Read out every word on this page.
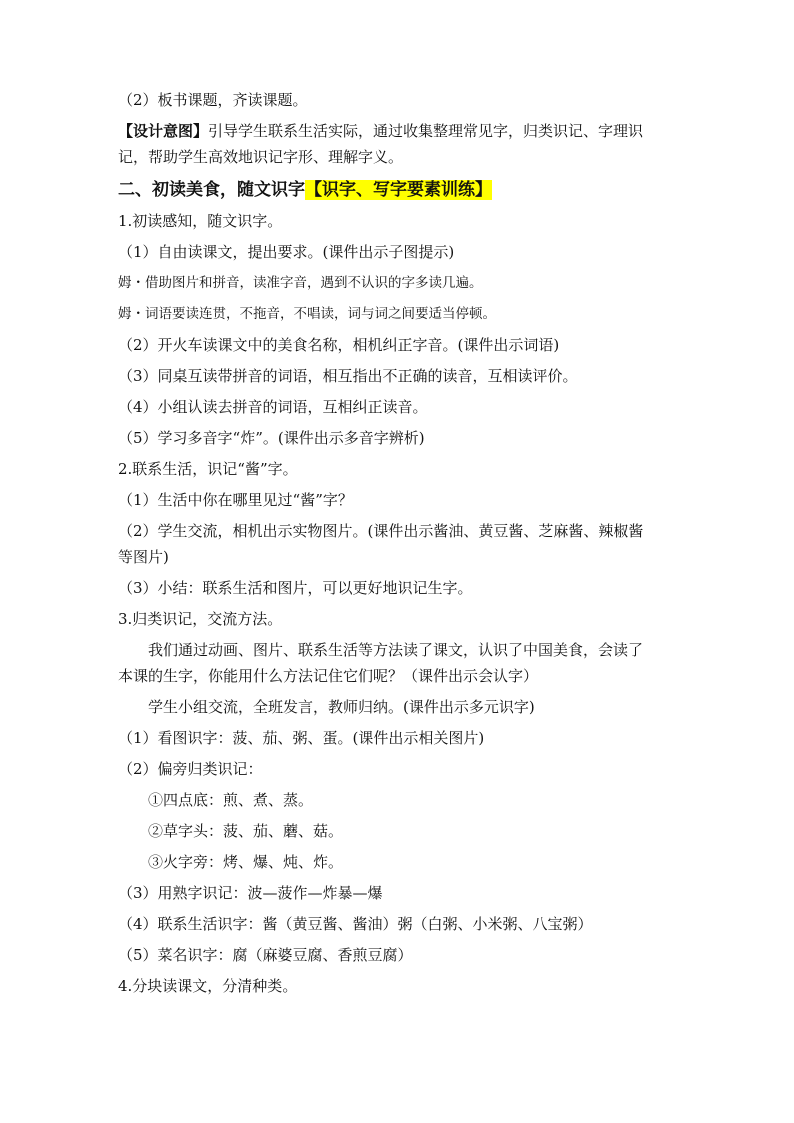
（2）板书课题，齐读课题。
【设计意图】引导学生联系生活实际，通过收集整理常见字，归类识记、字理识
记，帮助学生高效地识记字形、理解字义。
二、初读美食，随文识字【识字、写字要素训练】
1.初读感知，随文识字。
（1）自由读课文，提出要求。(课件出示子图提示)
姆・借助图片和拼音，读准字音，遇到不认识的字多读几遍。
姆・词语要读连贯，不拖音，不唱读，词与词之间要适当停顿。
（2）开火车读课文中的美食名称，相机纠正字音。(课件出示词语)
（3）同桌互读带拼音的词语，相互指出不正确的读音，互相读评价。
（4）小组认读去拼音的词语，互相纠正读音。
（5）学习多音字“炸”。(课件出示多音字辨析)
2.联系生活，识记“酱”字。
（1）生活中你在哪里见过“酱”字？
（2）学生交流，相机出示实物图片。(课件出示酱油、黄豆酱、芝麻酱、辣椒酱
等图片)
（3）小结：联系生活和图片，可以更好地识记生字。
3.归类识记，交流方法。
我们通过动画、图片、联系生活等方法读了课文，认识了中国美食，会读了
本课的生字，你能用什么方法记住它们呢？（课件出示会认字）
学生小组交流，全班发言，教师归纳。(课件出示多元识字)
（1）看图识字：菠、茄、粥、蛋。(课件出示相关图片)
（2）偏旁归类识记：
①四点底：煎、煮、蒸。
②草字头：菠、茄、蘑、菇。
③火字旁：烤、爆、炖、炸。
（3）用熟字识记：波—菠作—炸暴—爆
（4）联系生活识字：酱（黄豆酱、酱油）粥（白粥、小米粥、八宝粥）
（5）菜名识字：腐（麻婆豆腐、香煎豆腐）
4.分块读课文，分清种类。
